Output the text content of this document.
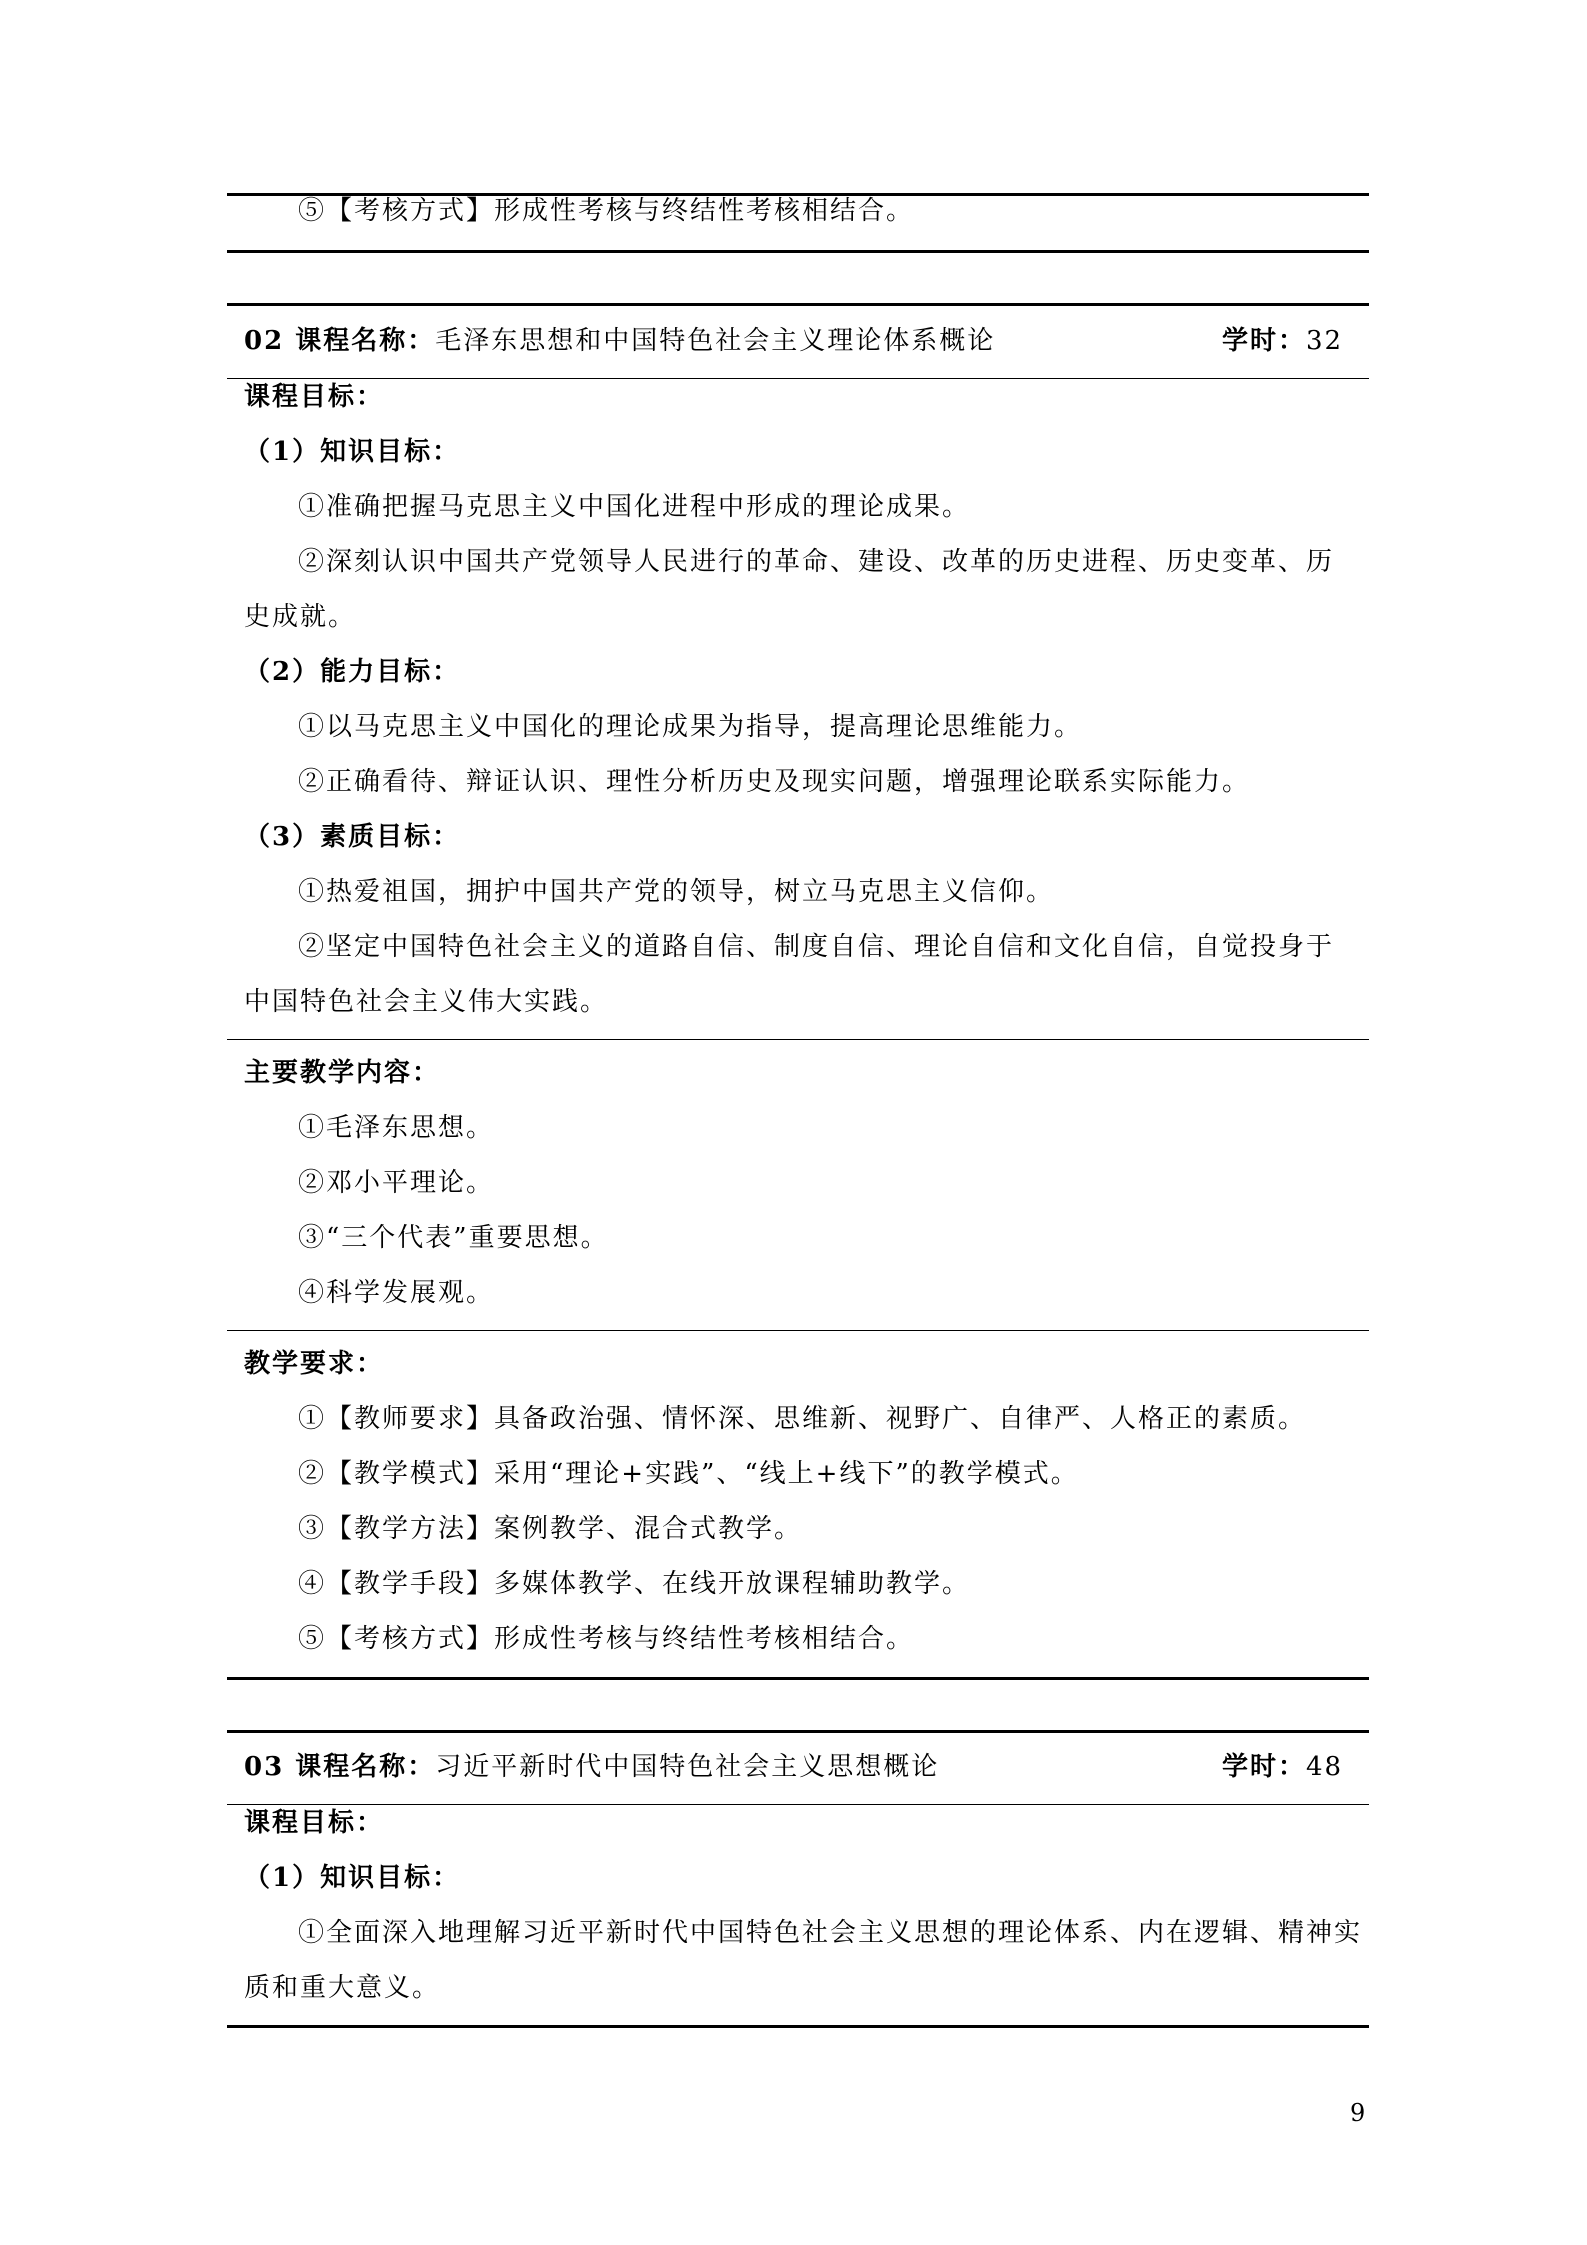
⑤【考核方式】形成性考核与终结性考核相结合。
02 课程名称：毛泽东思想和中国特色社会主义理论体系概论	学时：32
课程目标：
（1）知识目标：
①准确把握马克思主义中国化进程中形成的理论成果。
②深刻认识中国共产党领导人民进行的革命、建设、改革的历史进程、历史变革、历
史成就。
（2）能力目标：
①以马克思主义中国化的理论成果为指导，提高理论思维能力。
②正确看待、辩证认识、理性分析历史及现实问题，增强理论联系实际能力。
（3）素质目标：
①热爱祖国，拥护中国共产党的领导，树立马克思主义信仰。
②坚定中国特色社会主义的道路自信、制度自信、理论自信和文化自信，自觉投身于
中国特色社会主义伟大实践。
主要教学内容：
①毛泽东思想。
②邓小平理论。
③“三个代表”重要思想。
④科学发展观。
教学要求：
①【教师要求】具备政治强、情怀深、思维新、视野广、自律严、人格正的素质。
②【教学模式】采用“理论+实践”、“线上+线下”的教学模式。
③【教学方法】案例教学、混合式教学。
④【教学手段】多媒体教学、在线开放课程辅助教学。
⑤【考核方式】形成性考核与终结性考核相结合。
03 课程名称：习近平新时代中国特色社会主义思想概论	学时：48
课程目标：
（1）知识目标：
①全面深入地理解习近平新时代中国特色社会主义思想的理论体系、内在逻辑、精神实
质和重大意义。
9
